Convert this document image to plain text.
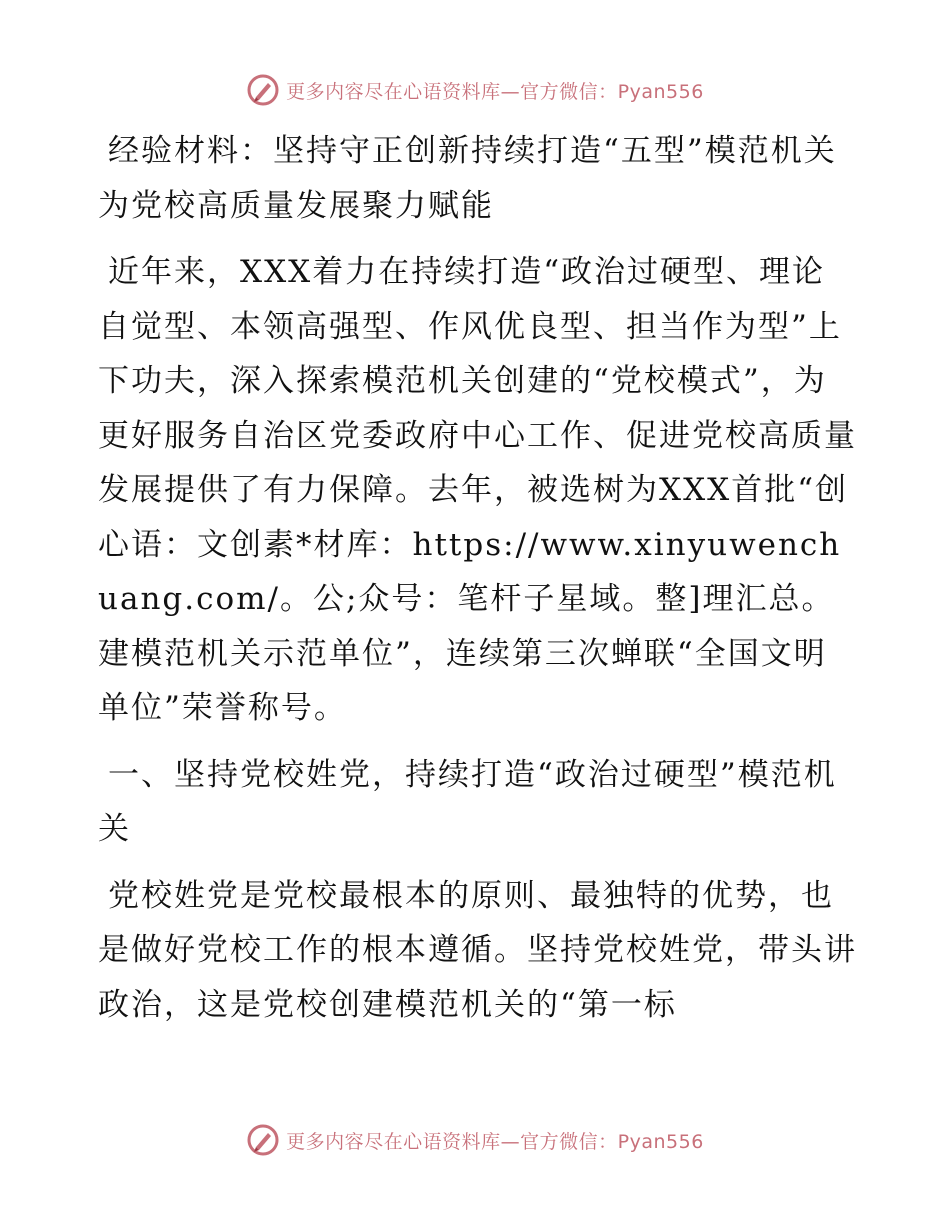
更多内容尽在心语资料库—官方微信：Pyan556

经验材料：坚持守正创新持续打造“五型”模范机关为党校高质量发展聚力赋能

近年来，XXX着力在持续打造“政治过硬型、理论自觉型、本领高强型、作风优良型、担当作为型”上下功夫，深入探索模范机关创建的“党校模式”，为更好服务自治区党委政府中心工作、促进党校高质量发展提供了有力保障。去年，被选树为XXX首批“创心语：文创素*材库：https://www.xinyuwenchuang.com/。公;众号：笔杆子星域。整]理汇总。建模范机关示范单位”，连续第三次蝉联“全国文明单位”荣誉称号。

一、坚持党校姓党，持续打造“政治过硬型”模范机关

党校姓党是党校最根本的原则、最独特的优势，也是做好党校工作的根本遵循。坚持党校姓党，带头讲政治，这是党校创建模范机关的“第一标

更多内容尽在心语资料库—官方微信：Pyan556
